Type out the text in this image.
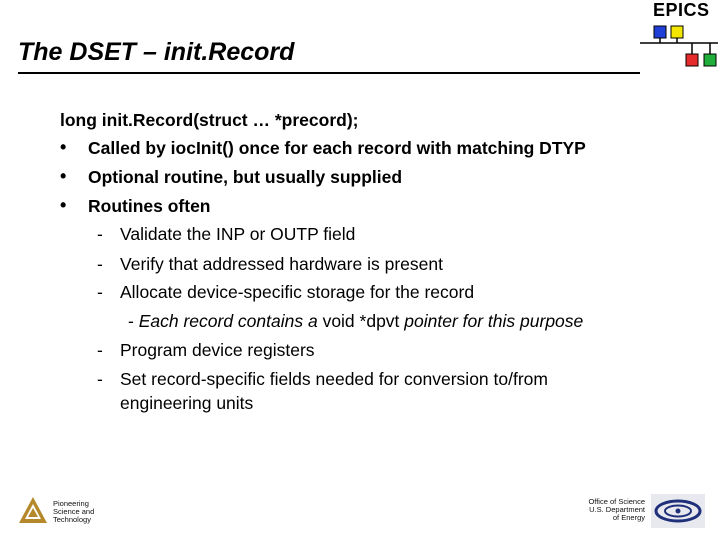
EPICS
The DSET – init.Record
long init.Record(struct … *precord);
• Called by iocInit() once for each record with matching DTYP
• Optional routine, but usually supplied
• Routines often
- Validate the INP or OUTP field
- Verify that addressed hardware is present
- Allocate device-specific storage for the record
- Each record contains a void *dpvt pointer for this purpose
- Program device registers
- Set record-specific fields needed for conversion to/from
engineering units
Pioneering
Science and
Technology
Office of Science
U.S. Department
of Energy
